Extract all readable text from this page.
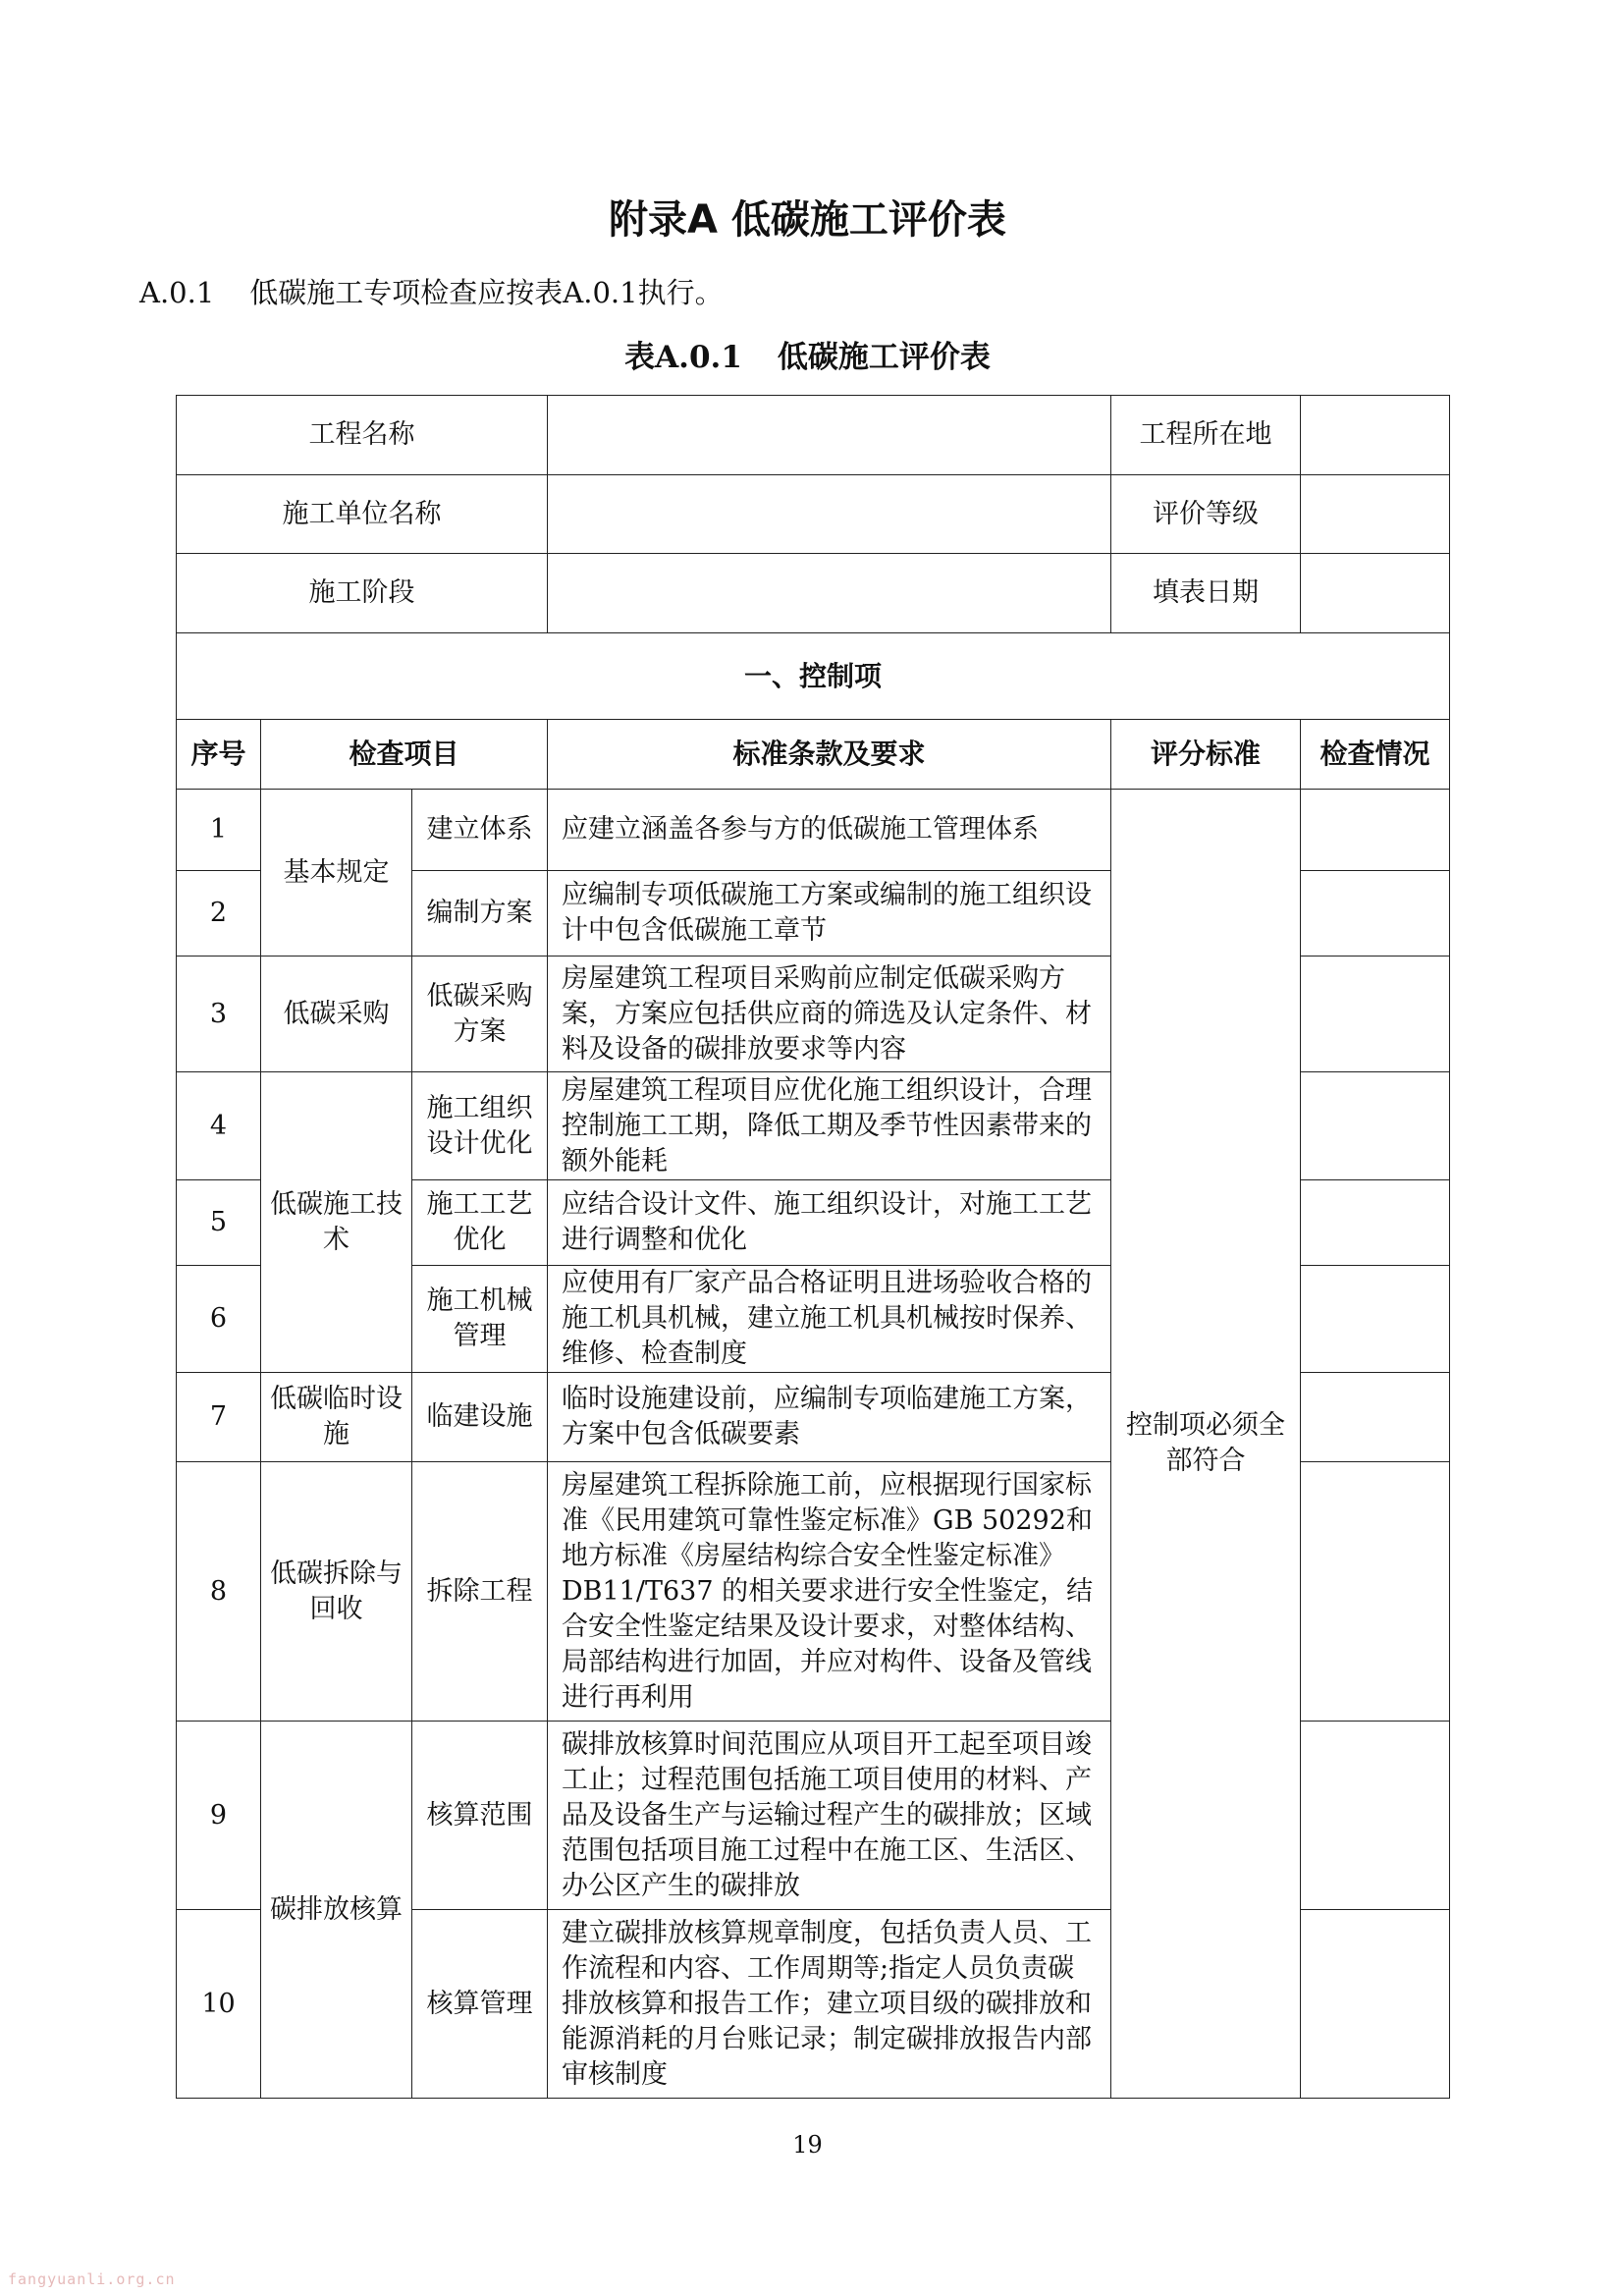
附录A 低碳施工评价表
A.0.1 低碳施工专项检查应按表A.0.1执行。
表A.0.1 低碳施工评价表
工程名称				工程所在地	
施工单位名称				评价等级	
施工阶段				填表日期	
一、控制项					
序号	检查项目		标准条款及要求	评分标准	检查情况
1	基本规定	建立体系	应建立涵盖各参与方的低碳施工管理体系	控制项必须全部符合	
2		编制方案	应编制专项低碳施工方案或编制的施工组织设计中包含低碳施工章节		
3	低碳采购	低碳采购方案	房屋建筑工程项目采购前应制定低碳采购方案，方案应包括供应商的筛选及认定条件、材料及设备的碳排放要求等内容		
4	低碳施工技术	施工组织设计优化	房屋建筑工程项目应优化施工组织设计，合理控制施工工期，降低工期及季节性因素带来的额外能耗		
5		施工工艺优化	应结合设计文件、施工组织设计，对施工工艺进行调整和优化		
6		施工机械管理	应使用有厂家产品合格证明且进场验收合格的施工机具机械，建立施工机具机械按时保养、维修、检查制度		
7	低碳临时设施	临建设施	临时设施建设前，应编制专项临建施工方案，方案中包含低碳要素		
8	低碳拆除与回收	拆除工程	房屋建筑工程拆除施工前，应根据现行国家标准《民用建筑可靠性鉴定标准》GB 50292和地方标准《房屋结构综合安全性鉴定标准》DB11/T637 的相关要求进行安全性鉴定，结合安全性鉴定结果及设计要求，对整体结构、局部结构进行加固，并应对构件、设备及管线进行再利用		
9	碳排放核算	核算范围	碳排放核算时间范围应从项目开工起至项目竣工止；过程范围包括施工项目使用的材料、产品及设备生产与运输过程产生的碳排放；区域范围包括项目施工过程中在施工区、生活区、办公区产生的碳排放		
10		核算管理	建立碳排放核算规章制度，包括负责人员、工作流程和内容、工作周期等;指定人员负责碳排放核算和报告工作；建立项目级的碳排放和能源消耗的月台账记录；制定碳排放报告内部审核制度		
19
fangyuanli.org.cn
